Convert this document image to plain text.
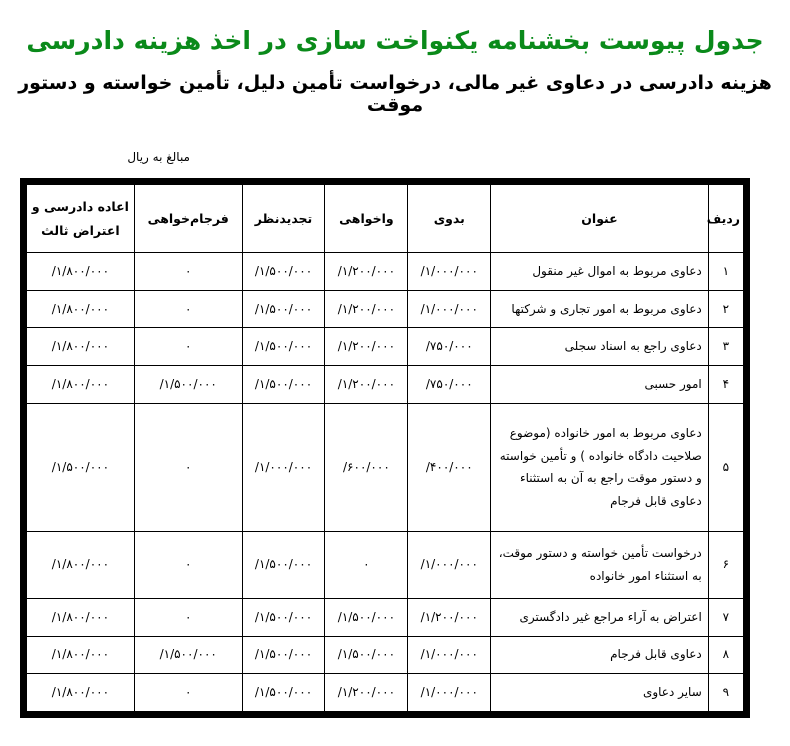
جدول پیوست بخشنامه یکنواخت سازی در اخذ هزینه دادرسی
هزینه دادرسی در دعاوی غیر مالی، درخواست تأمین دلیل، تأمین خواسته و دستور موقت
مبالغ به ریال
ردیف	عنوان	بدوی	واخواهی	تجدیدنظر	فرجام‌خواهی	اعاده دادرسی و اعتراض ثالث
۱	دعاوی مربوط به اموال غیر منقول	۱/۰۰۰/۰۰۰/	۱/۲۰۰/۰۰۰/	۱/۵۰۰/۰۰۰/	۰	۱/۸۰۰/۰۰۰/
۲	دعاوی مربوط به امور تجاری و شرکتها	۱/۰۰۰/۰۰۰/	۱/۲۰۰/۰۰۰/	۱/۵۰۰/۰۰۰/	۰	۱/۸۰۰/۰۰۰/
۳	دعاوی راجع به اسناد سجلی	۷۵۰/۰۰۰/	۱/۲۰۰/۰۰۰/	۱/۵۰۰/۰۰۰/	۰	۱/۸۰۰/۰۰۰/
۴	امور حسبی	۷۵۰/۰۰۰/	۱/۲۰۰/۰۰۰/	۱/۵۰۰/۰۰۰/	۱/۵۰۰/۰۰۰/	۱/۸۰۰/۰۰۰/
۵	دعاوی مربوط به امور خانواده (موضوع صلاحیت دادگاه خانواده ) و تأمین خواسته و دستور موقت راجع به آن به استثناء دعاوی قابل فرجام	۴۰۰/۰۰۰/	۶۰۰/۰۰۰/	۱/۰۰۰/۰۰۰/	۰	۱/۵۰۰/۰۰۰/
۶	درخواست تأمین خواسته و دستور موقت، به استثناء امور خانواده	۱/۰۰۰/۰۰۰/	۰	۱/۵۰۰/۰۰۰/	۰	۱/۸۰۰/۰۰۰/
۷	اعتراض به آراء مراجع غیر دادگستری	۱/۲۰۰/۰۰۰/	۱/۵۰۰/۰۰۰/	۱/۵۰۰/۰۰۰/	۰	۱/۸۰۰/۰۰۰/
۸	دعاوی قابل فرجام	۱/۰۰۰/۰۰۰/	۱/۵۰۰/۰۰۰/	۱/۵۰۰/۰۰۰/	۱/۵۰۰/۰۰۰/	۱/۸۰۰/۰۰۰/
۹	سایر دعاوی	۱/۰۰۰/۰۰۰/	۱/۲۰۰/۰۰۰/	۱/۵۰۰/۰۰۰/	۰	۱/۸۰۰/۰۰۰/
